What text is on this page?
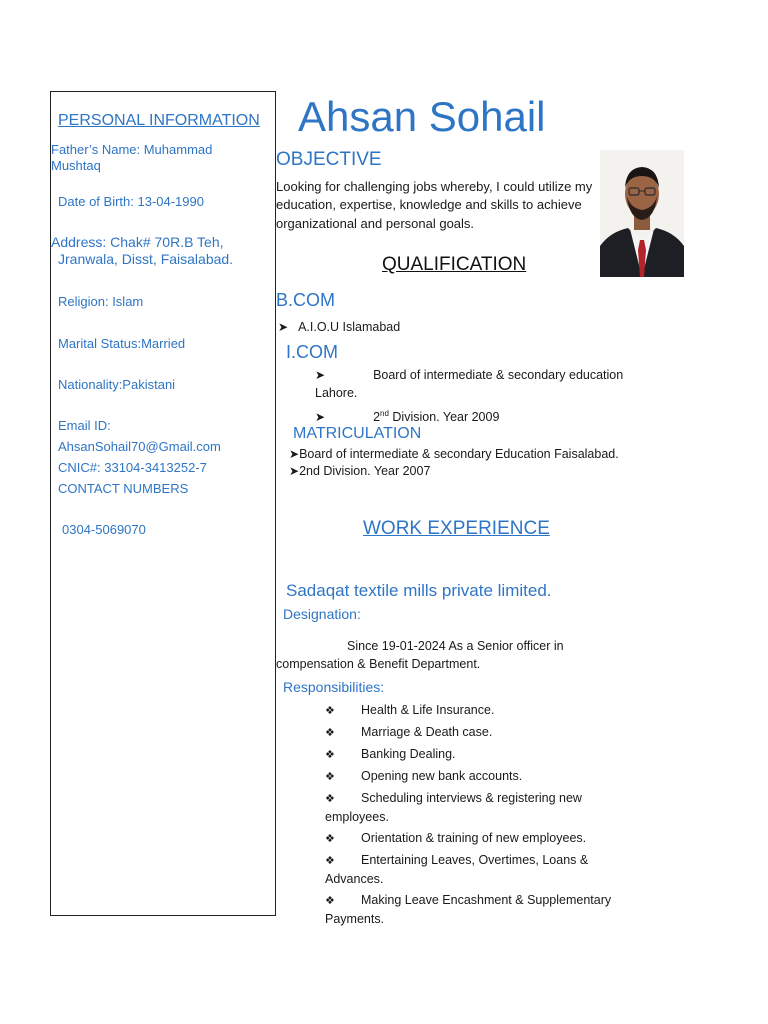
PERSONAL INFORMATION
Father’s Name: Muhammad
Mushtaq
Date of Birth: 13-04-1990
Address: Chak# 70R.B Teh,
Jranwala, Disst, Faisalabad.
Religion: Islam
Marital Status:Married
Nationality:Pakistani
Email ID:
AhsanSohail70@Gmail.com
CNIC#: 33104-3413252-7
CONTACT NUMBERS
0304-5069070
Ahsan Sohail
OBJECTIVE
Looking for challenging jobs whereby, I could utilize my
education, expertise, knowledge and skills to achieve
organizational and personal goals.
QUALIFICATION
B.COM
➤ A.I.O.U Islamabad
I.COM
➤	Board of intermediate & secondary education
Lahore.
➤	2nd Division. Year 2009
MATRICULATION
➤Board of intermediate & secondary Education Faisalabad.
➤2nd Division. Year 2007
WORK EXPERIENCE
Sadaqat textile mills private limited.
Designation:
Since 19-01-2024 As a Senior officer in
compensation & Benefit Department.
Responsibilities:
❖ Health & Life Insurance.
❖ Marriage & Death case.
❖ Banking Dealing.
❖ Opening new bank accounts.
❖ Scheduling interviews & registering new
employees.
❖ Orientation & training of new employees.
❖ Entertaining Leaves, Overtimes, Loans &
Advances.
❖ Making Leave Encashment & Supplementary
Payments.
